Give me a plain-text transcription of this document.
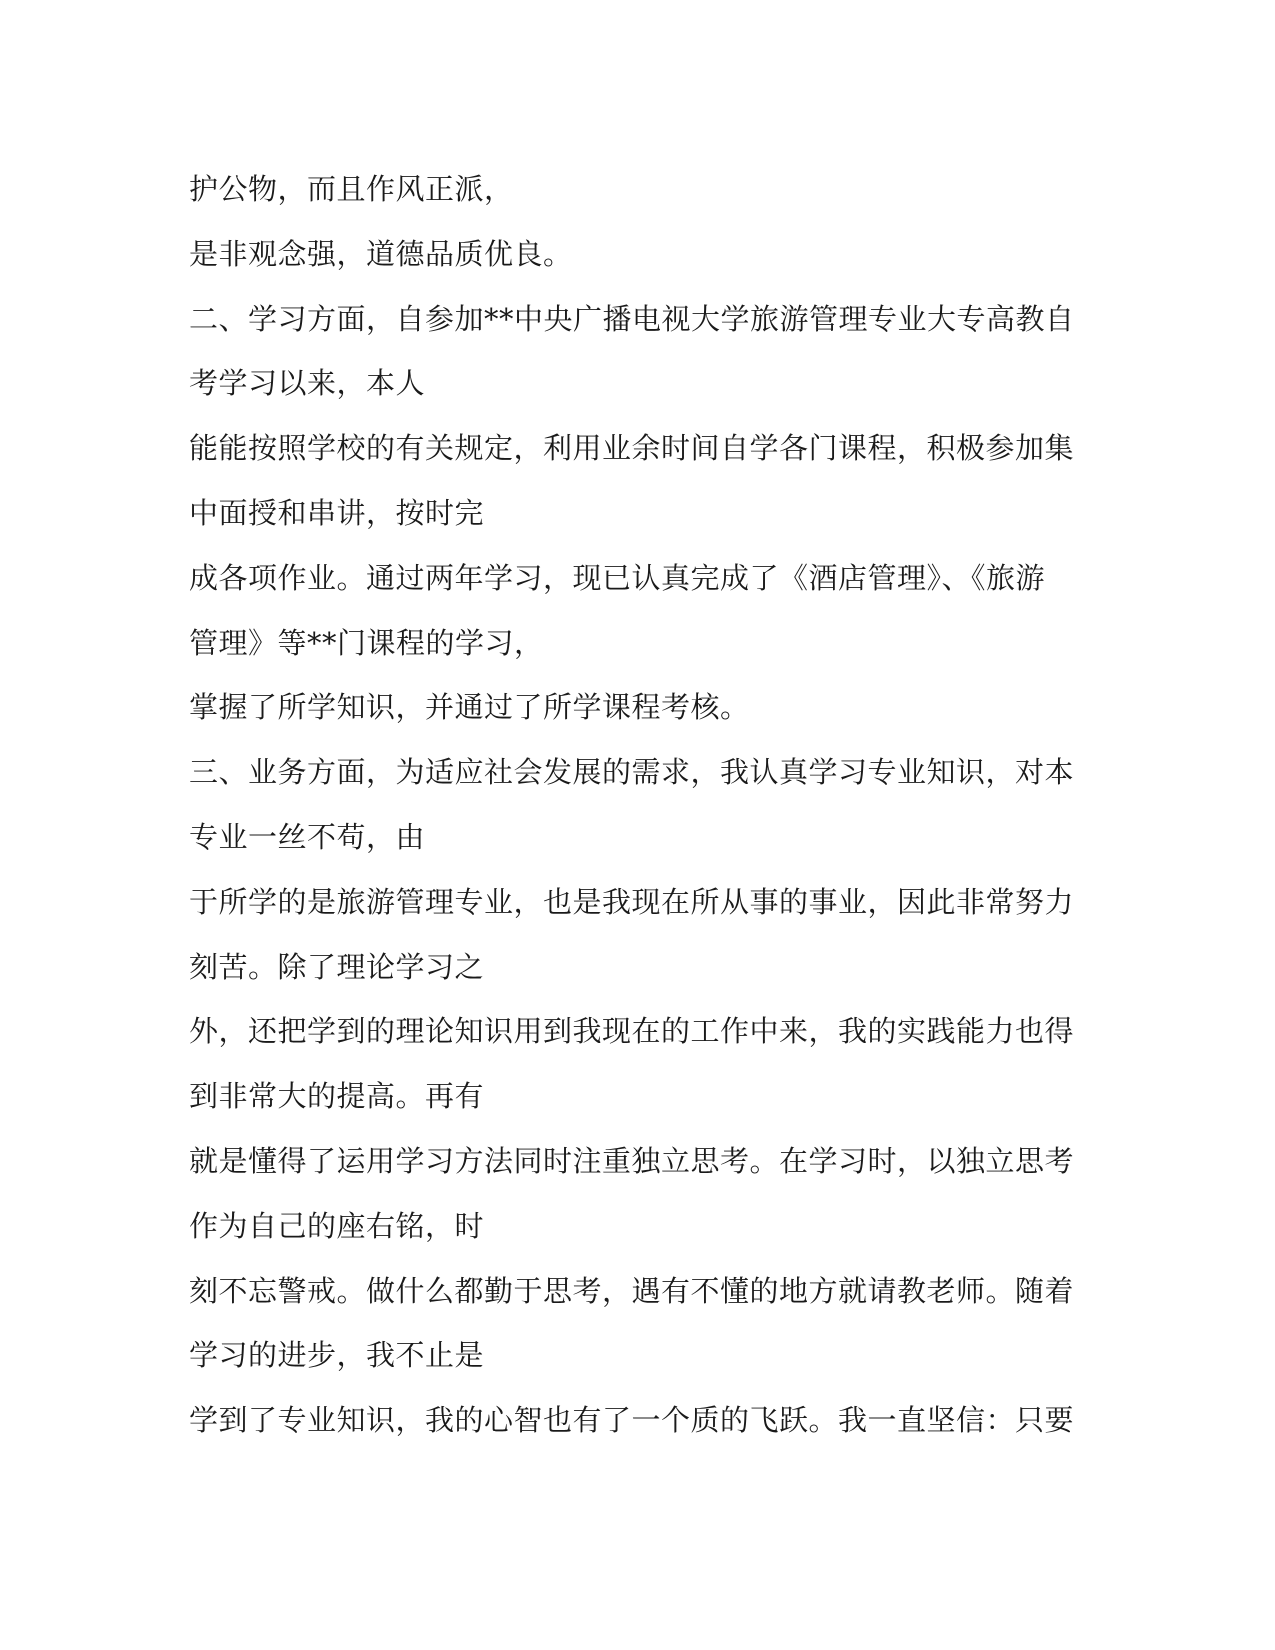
护公物，而且作风正派，
是非观念强，道德品质优良。
二、学习方面，自参加**中央广播电视大学旅游管理专业大专高教自
考学习以来，本人
能能按照学校的有关规定，利用业余时间自学各门课程，积极参加集
中面授和串讲，按时完
成各项作业。通过两年学习，现已认真完成了《酒店管理》、《旅游
管理》等**门课程的学习，
掌握了所学知识，并通过了所学课程考核。
三、业务方面，为适应社会发展的需求，我认真学习专业知识，对本
专业一丝不苟，由
于所学的是旅游管理专业，也是我现在所从事的事业，因此非常努力
刻苦。除了理论学习之
外，还把学到的理论知识用到我现在的工作中来，我的实践能力也得
到非常大的提高。再有
就是懂得了运用学习方法同时注重独立思考。在学习时，以独立思考
作为自己的座右铭，时
刻不忘警戒。做什么都勤于思考，遇有不懂的地方就请教老师。随着
学习的进步，我不止是
学到了专业知识，我的心智也有了一个质的飞跃。我一直坚信：只要
